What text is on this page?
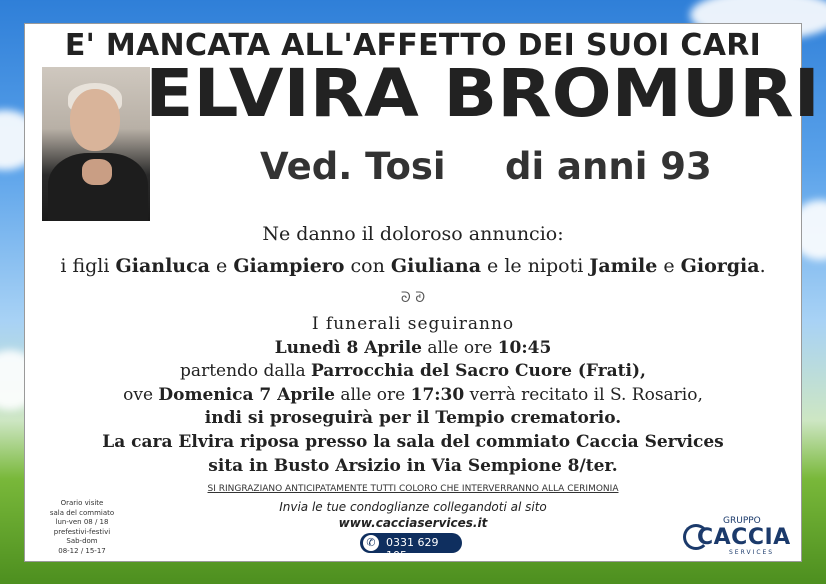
E' MANCATA ALL'AFFETTO DEI SUOI CARI
ELVIRA BROMURI
Ved. Tosi di anni 93
Ne danno il doloroso annuncio:
i figli Gianluca e Giampiero con Giuliana e le nipoti Jamile e Giorgia.
ᘐ ᘑ
I funerali seguiranno
Lunedì 8 Aprile alle ore 10:45
partendo dalla Parrocchia del Sacro Cuore (Frati),
ove Domenica 7 Aprile alle ore 17:30 verrà recitato il S. Rosario,
indi si proseguirà per il Tempio crematorio.
La cara Elvira riposa presso la sala del commiato Caccia Services
sita in Busto Arsizio in Via Sempione 8/ter.
SI RINGRAZIANO ANTICIPATAMENTE TUTTI COLORO CHE INTERVERRANNO ALLA CERIMONIA
Invia le tue condoglianze collegandoti al sito
www.cacciaservices.it
✆ 0331 629 105
Orario visite
sala del commiato
lun-ven 08 / 18
prefestivi-festivi
Sab-dom
08-12 / 15-17
GRUPPO
CACCIA
SERVICES
